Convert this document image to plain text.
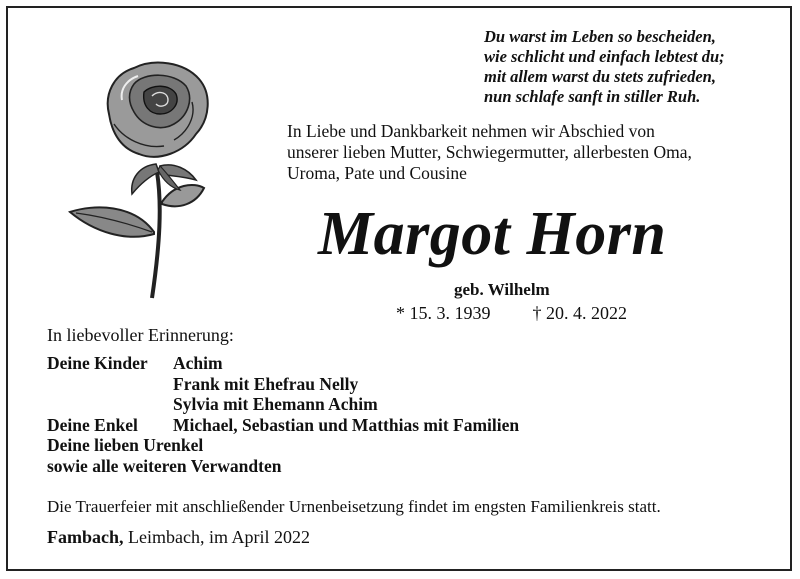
Du warst im Leben so bescheiden,
wie schlicht und einfach lebtest du;
mit allem warst du stets zufrieden,
nun schlafe sanft in stiller Ruh.
In Liebe und Dankbarkeit nehmen wir Abschied von
unserer lieben Mutter, Schwiegermutter, allerbesten Oma,
Uroma, Pate und Cousine
Margot Horn
geb. Wilhelm
* 15. 3. 1939 † 20. 4. 2022
In liebevoller Erinnerung:
Deine Kinder Achim
Frank mit Ehefrau Nelly
Sylvia mit Ehemann Achim
Deine Enkel Michael, Sebastian und Matthias mit Familien
Deine lieben Urenkel
sowie alle weiteren Verwandten
Die Trauerfeier mit anschließender Urnenbeisetzung findet im engsten Familienkreis statt.
Fambach, Leimbach, im April 2022
